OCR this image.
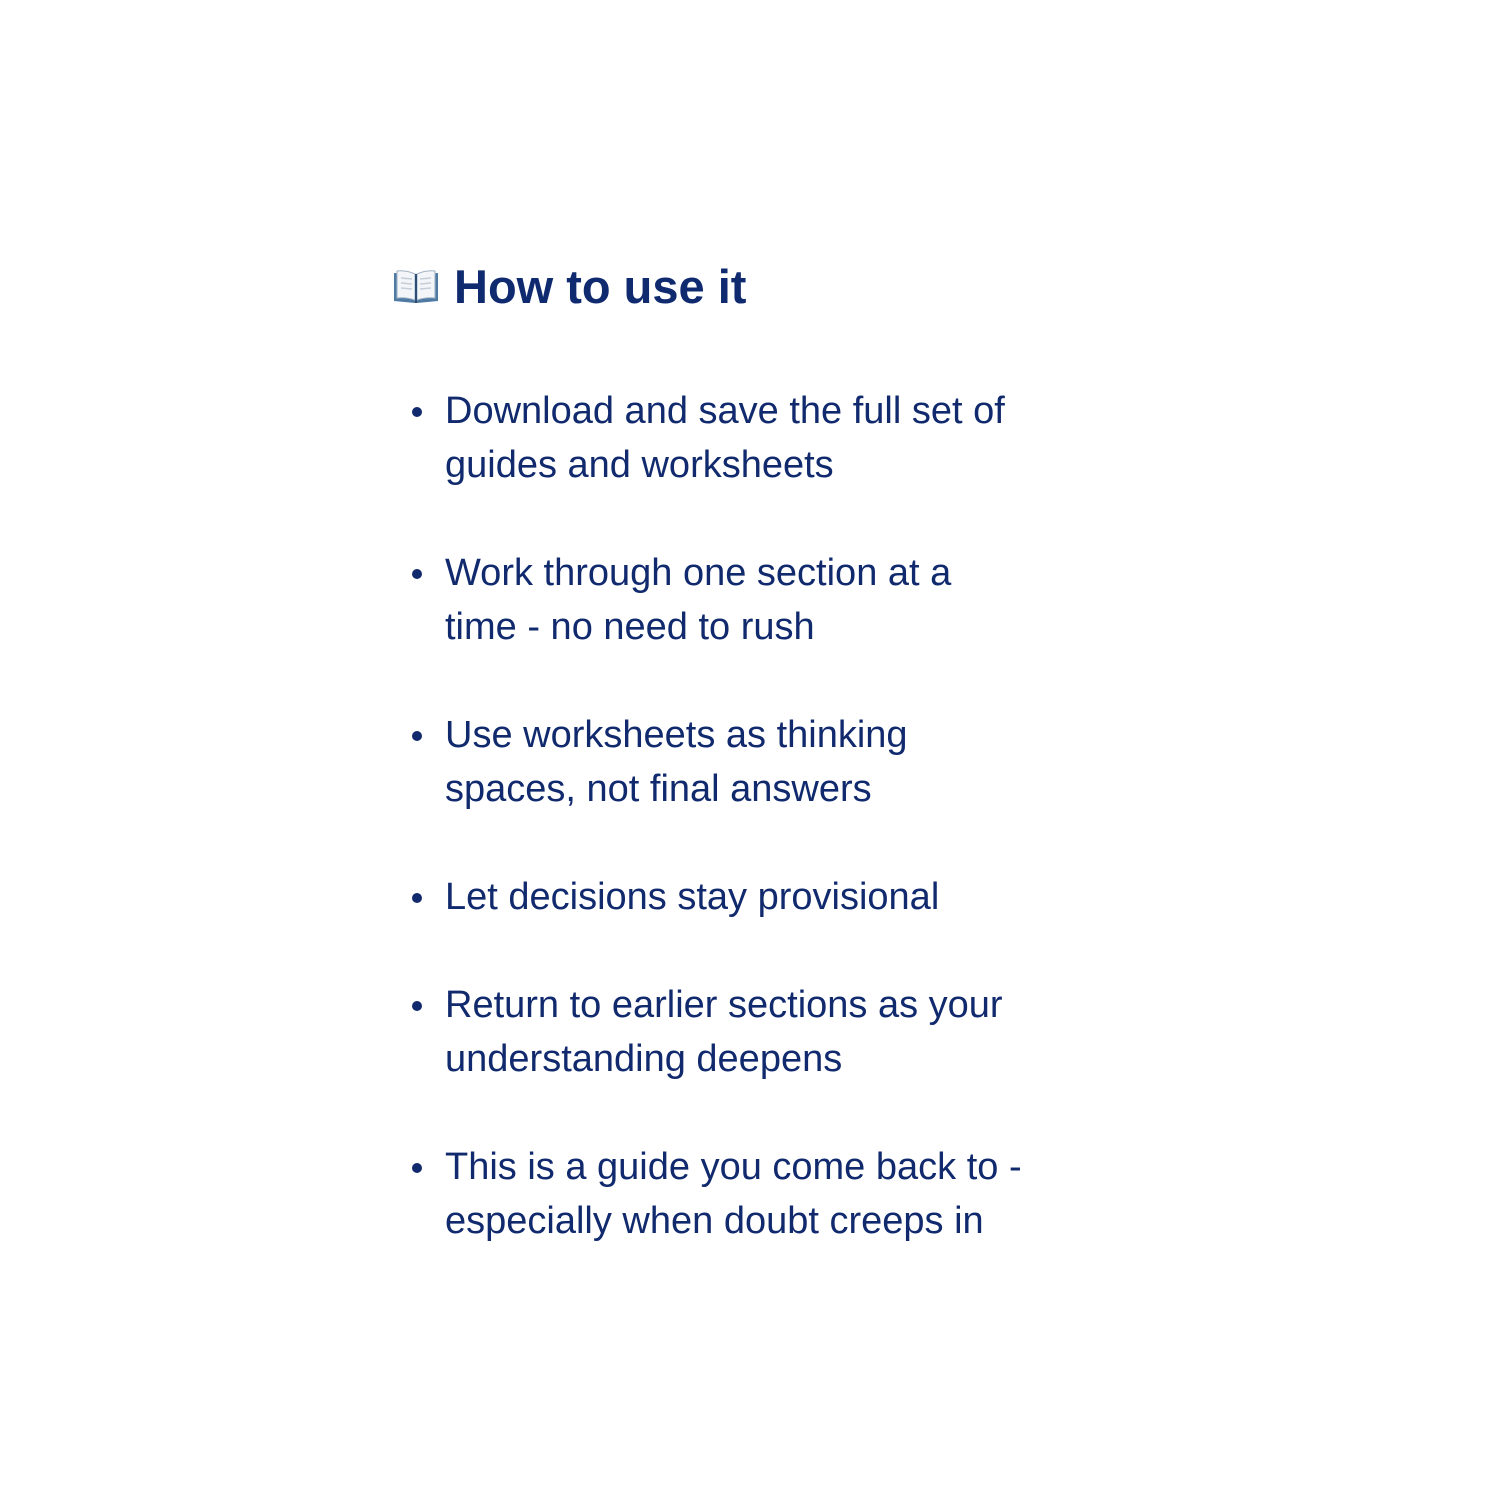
How to use it
Download and save the full set of
guides and worksheets
Work through one section at a
time - no need to rush
Use worksheets as thinking
spaces, not final answers
Let decisions stay provisional
Return to earlier sections as your
understanding deepens
This is a guide you come back to -
especially when doubt creeps in
